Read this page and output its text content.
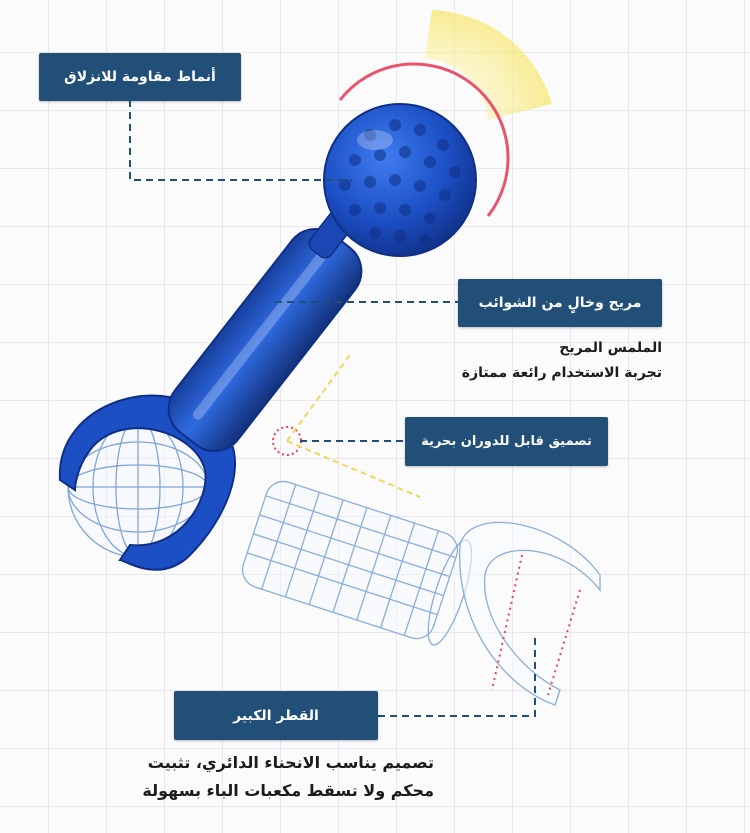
أنماط مقاومة للانزلاق
مريح وخالٍ من الشوائب
الملمس المريح
تجربة الاستخدام رائعة ممتازة
تصميق قابل للدوران بحرية
القطر الكبير
تصميم يناسب الانحناء الدائري، تثبيت
محكم ولا تسقط مكعبات الباء بسهولة
